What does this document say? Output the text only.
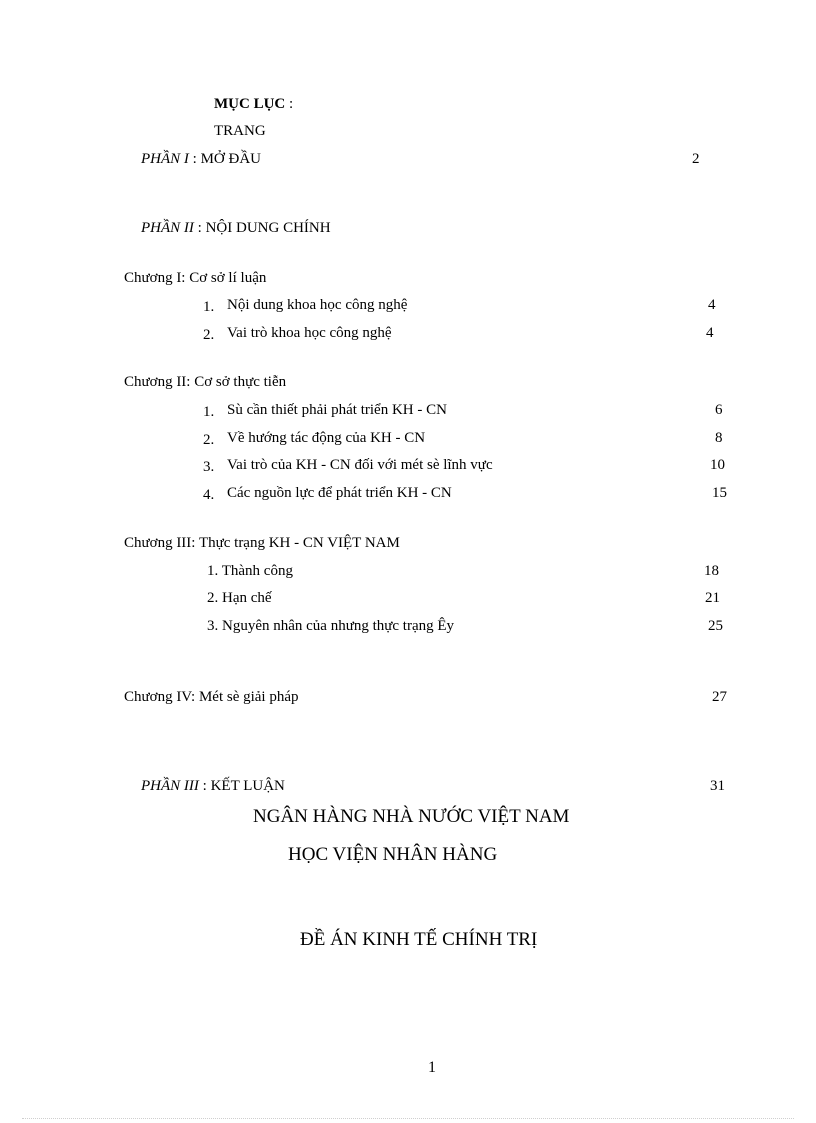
MỤC LỤC :
TRANG
PHẦN I : MỞ ĐẦU	2
PHẦN II : NỘI DUNG CHÍNH
Chương I: Cơ sở lí luận
1. Nội dung khoa học công nghệ	4
2. Vai trò khoa học công nghệ	4
Chương II: Cơ sở thực tiễn
1. Sù cần thiết phải phát triển KH - CN	6
2. Về hướng tác động của KH - CN	8
3. Vai trò của KH - CN đối với mét sè lĩnh vực	10
4. Các nguồn lực để phát triển KH - CN	15
Chương III: Thực trạng KH - CN VIỆT NAM
1. Thành công	18
2. Hạn chế	21
3. Nguyên nhân của nhưng thực trạng Êy	25
Chương IV: Mét sè giải pháp	27
PHẦN III : KẾT LUẬN	31
NGÂN HÀNG NHÀ NƯỚC VIỆT NAM
HỌC VIỆN NHÂN HÀNG
ĐỀ ÁN KINH TẾ CHÍNH TRỊ
1
